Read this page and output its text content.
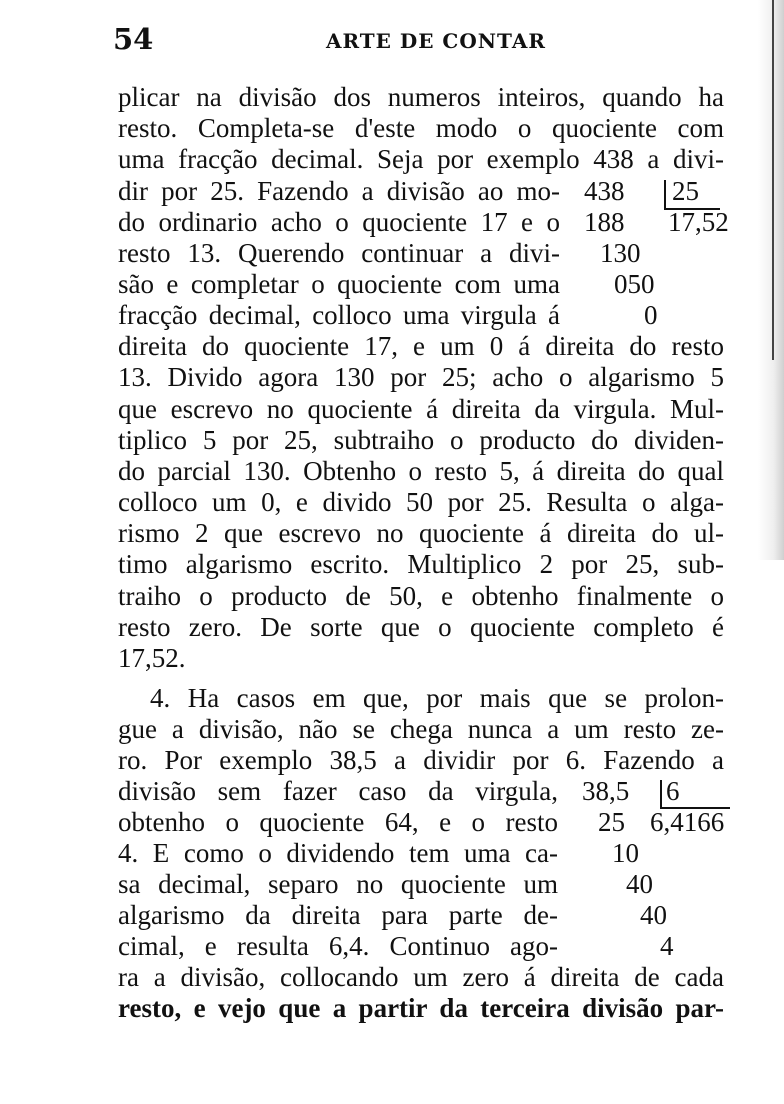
54	ARTE DE CONTAR
plicar na divisão dos numeros inteiros, quando ha
resto. Completa-se d'este modo o quociente com
uma fracção decimal. Seja por exemplo 438 a divi-
dir por 25. Fazendo a divisão ao mo-
do ordinario acho o quociente 17 e o
resto 13. Querendo continuar a divi-
são e completar o quociente com uma
fracção decimal, colloco uma virgula á
direita do quociente 17, e um 0 á direita do resto
13. Divido agora 130 por 25; acho o algarismo 5
que escrevo no quociente á direita da virgula. Mul-
tiplico 5 por 25, subtraiho o producto do dividen-
do parcial 130. Obtenho o resto 5, á direita do qual
colloco um 0, e divido 50 por 25. Resulta o alga-
rismo 2 que escrevo no quociente á direita do ul-
timo algarismo escrito. Multiplico 2 por 25, sub-
traiho o producto de 50, e obtenho finalmente o
resto zero. De sorte que o quociente completo é
17,52.
4. Ha casos em que, por mais que se prolon-
gue a divisão, não se chega nunca a um resto ze-
ro. Por exemplo 38,5 a dividir por 6. Fazendo a
divisão sem fazer caso da virgula,
obtenho o quociente 64, e o resto
4. E como o dividendo tem uma ca-
sa decimal, separo no quociente um
algarismo da direita para parte de-
cimal, e resulta 6,4. Continuo ago-
ra a divisão, collocando um zero á direita de cada
resto, e vejo que a partir da terceira divisão par-
438 25
17,52
188
130
050
0
38,5 6
6,4166
25
10
40
40
4
